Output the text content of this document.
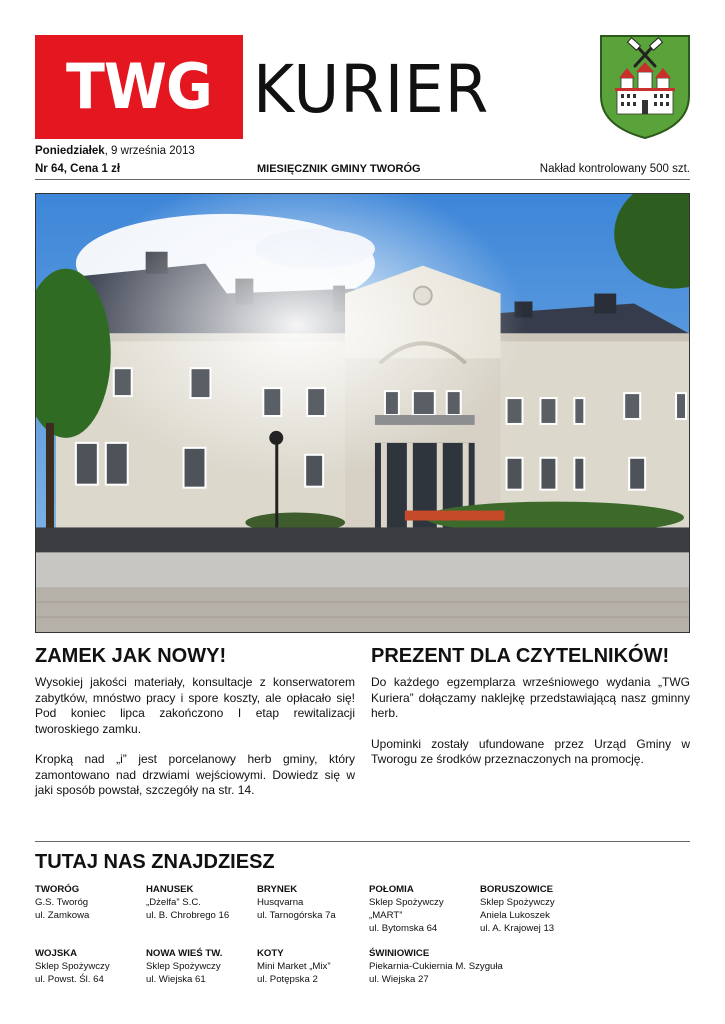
TWG KURIER
Poniedziałek, 9 września 2013
Nr 64, Cena 1 zł	MIESIĘCZNIK GMINY TWORÓG	Nakład kontrolowany 500 szt.
ZAMEK JAK NOWY!

Wysokiej jakości materiały, konsultacje z konserwatorem zabytków, mnóstwo pracy i spore koszty, ale opłacało się! Pod koniec lipca zakończono I etap rewitalizacji tworoskiego zamku.

Kropką nad „i” jest porcelanowy herb gminy, który zamontowano nad drzwiami wejściowymi. Dowiedz się w jaki sposób powstał, szczegóły na str. 14.

PREZENT DLA CZYTELNIKÓW!

Do każdego egzemplarza wrześniowego wydania „TWG Kuriera” dołączamy naklejkę przedstawiającą nasz gminny herb.

Upominki zostały ufundowane przez Urząd Gminy w Tworogu ze środków przeznaczonych na promocję.

TUTAJ NAS ZNAJDZIESZ
TWORÓG
G.S. Tworóg
ul. Zamkowa
HANUSEK
„Dżelfa” S.C.
ul. B. Chrobrego 16
BRYNEK
Husqvarna
ul. Tarnogórska 7a
POŁOMIA
Sklep Spożywczy
„MART”
ul. Bytomska 64
BORUSZOWICE
Sklep Spożywczy
Aniela Lukoszek
ul. A. Krajowej 13
WOJSKA
Sklep Spożywczy
ul. Powst. Śl. 64
NOWA WIEŚ TW.
Sklep Spożywczy
ul. Wiejska 61
KOTY
Mini Market „Mix”
ul. Potępska 2
ŚWINIOWICE
Piekarnia-Cukiernia M. Szyguła
ul. Wiejska 27
